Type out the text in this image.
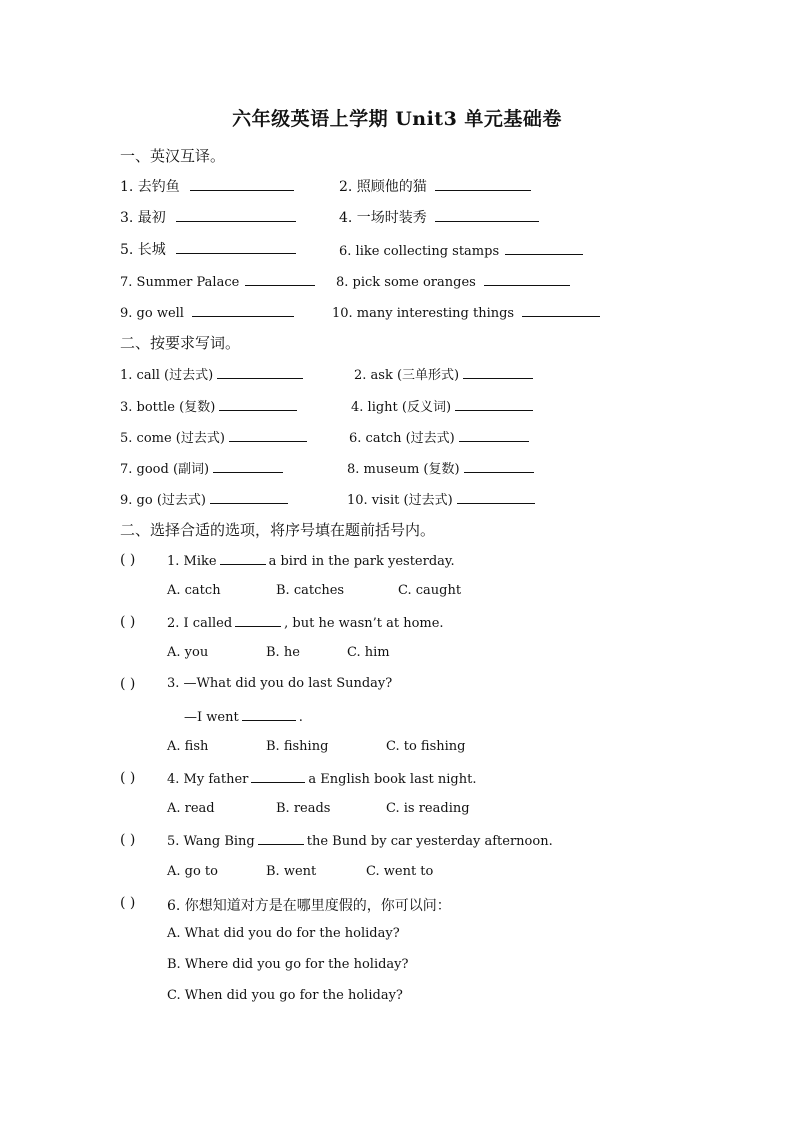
六年级英语上学期 Unit3 单元基础卷
一、英汉互译。
1. 去钓鱼	2. 照顾他的猫
3. 最初	4. 一场时装秀
5. 长城	6. like collecting stamps
7. Summer Palace	8. pick some oranges
9. go well	10. many interesting things
二、按要求写词。
1. call (过去式)	2. ask (三单形式)
3. bottle (复数)	4. light (反义词)
5. come (过去式)	6. catch (过去式)
7. good (副词)	8. museum (复数)
9. go (过去式)	10. visit (过去式)
二、选择合适的选项，将序号填在题前括号内。
( ) 1. Mike	a bird in the park yesterday.
A. catch	B. catches	C. caught
( ) 2. I called	, but he wasn’t at home.
A. you	B. he	C. him
( ) 3. —What did you do last Sunday?
—I went	.
A. fish	B. fishing	C. to fishing
( ) 4. My father	a English book last night.
A. read	B. reads	C. is reading
( ) 5. Wang Bing	the Bund by car yesterday afternoon.
A. go to	B. went	C. went to
( ) 6. 你想知道对方是在哪里度假的，你可以问：
A. What did you do for the holiday?
B. Where did you go for the holiday?
C. When did you go for the holiday?
